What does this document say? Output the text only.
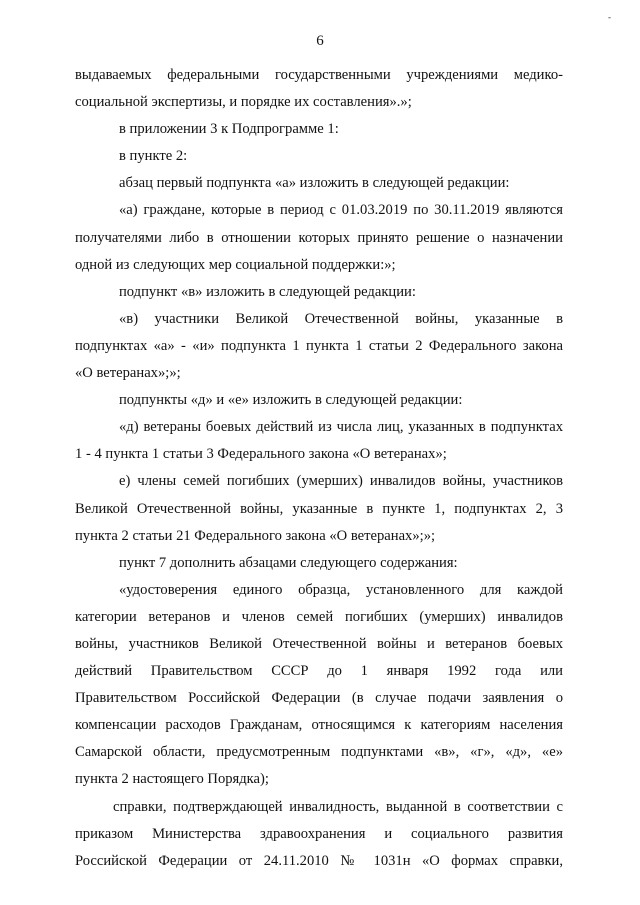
-
6
выдаваемых федеральными государственными учреждениями медико-
социальной экспертизы, и порядке их составления».»;
в приложении 3 к Подпрограмме 1:
в пункте 2:
абзац первый подпункта «а» изложить в следующей редакции:
«а) граждане, которые в период с 01.03.2019 по 30.11.2019 являются
получателями либо в отношении которых принято решение о назначении
одной из следующих мер социальной поддержки:»;
подпункт «в» изложить в следующей редакции:
«в) участники Великой Отечественной войны, указанные в
подпунктах «а» - «и» подпункта 1 пункта 1 статьи 2 Федерального закона
«О ветеранах»;»;
подпункты «д» и «е» изложить в следующей редакции:
«д) ветераны боевых действий из числа лиц, указанных в подпунктах
1 - 4 пункта 1 статьи 3 Федерального закона «О ветеранах»;
е) члены семей погибших (умерших) инвалидов войны, участников
Великой Отечественной войны, указанные в пункте 1, подпунктах 2, 3
пункта 2 статьи 21 Федерального закона «О ветеранах»;»;
пункт 7 дополнить абзацами следующего содержания:
«удостоверения единого образца, установленного для каждой
категории ветеранов и членов семей погибших (умерших) инвалидов
войны, участников Великой Отечественной войны и ветеранов боевых
действий Правительством СССР до 1 января 1992 года или
Правительством Российской Федерации (в случае подачи заявления о
компенсации расходов Гражданам, относящимся к категориям населения
Самарской области, предусмотренным подпунктами «в», «г», «д», «е»
пункта 2 настоящего Порядка);
справки, подтверждающей инвалидность, выданной в соответствии с
приказом Министерства здравоохранения и социального развития
Российской Федерации от 24.11.2010 № 1031н «О формах справки,
